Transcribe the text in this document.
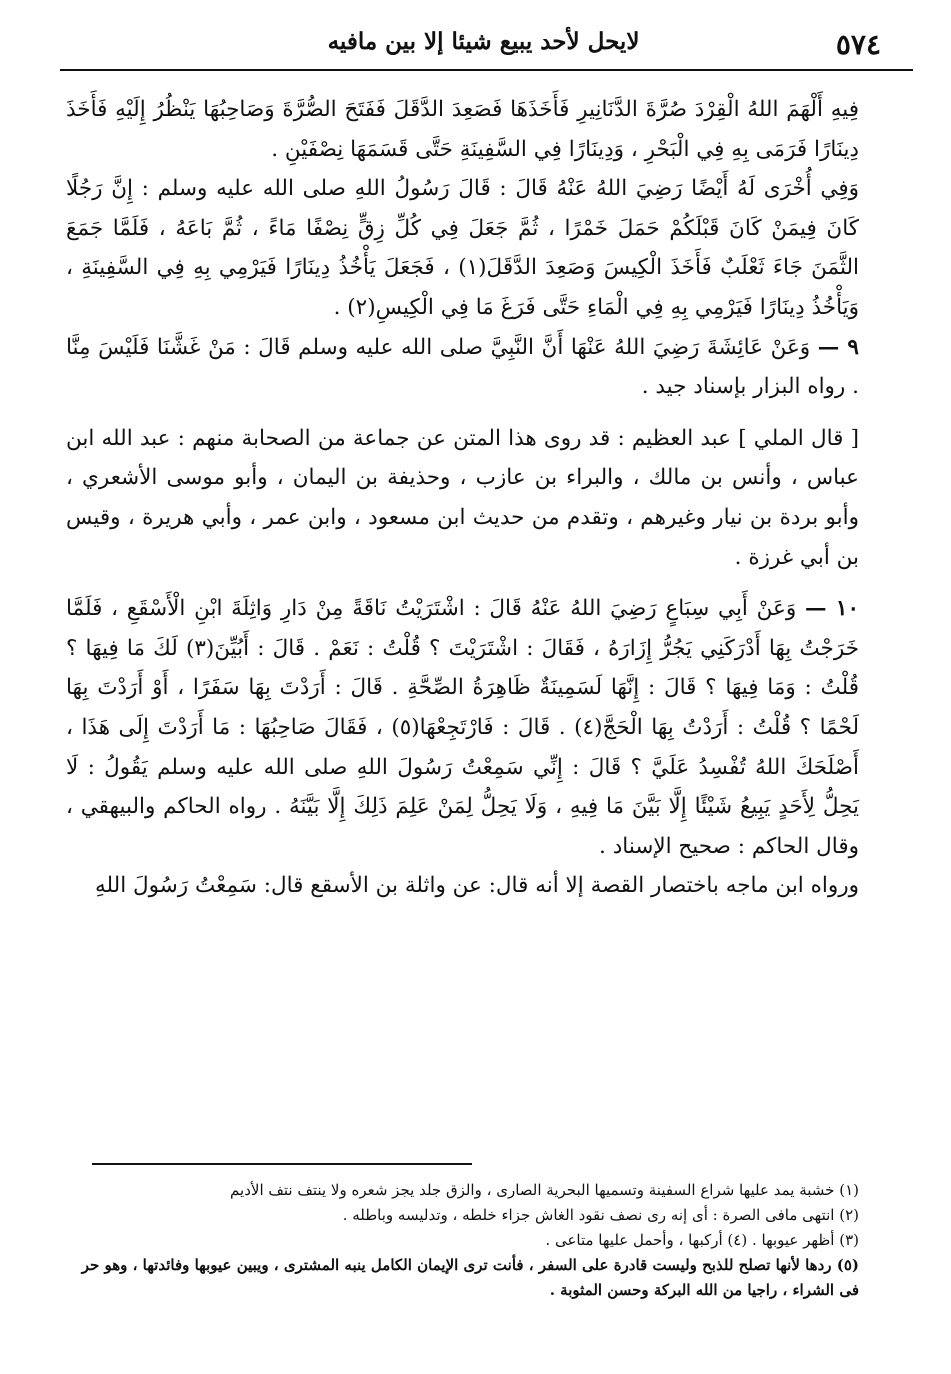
٥٧٤
لايحل لأحد يبيع شيئا إلا بين مافيه

فِيهِ أَلْهَمَ اللهُ الْقِرْدَ صُرَّةَ الدَّنَانِيرِ فَأَخَذَهَا فَصَعِدَ الدَّقَلَ فَفَتَحَ الصُّرَّةَ وَصَاحِبُهَا يَنْظُرُ إِلَيْهِ فَأَخَذَ دِينَارًا فَرَمَى بِهِ فِي الْبَحْرِ ، وَدِينَارًا فِي السَّفِينَةِ حَتَّى قَسَمَهَا نِصْفَيْنِ .

وَفِي أُخْرَى لَهُ أَيْضًا رَضِيَ اللهُ عَنْهُ قَالَ : قَالَ رَسُولُ اللهِ صلى الله عليه وسلم : إِنَّ رَجُلًا كَانَ فِيمَنْ كَانَ قَبْلَكُمْ حَمَلَ خَمْرًا ، ثُمَّ جَعَلَ فِي كُلِّ زِقٍّ نِصْفًا مَاءً ، ثُمَّ بَاعَهُ ، فَلَمَّا جَمَعَ الثَّمَنَ جَاءَ ثَعْلَبٌ فَأَخَذَ الْكِيسَ وَصَعِدَ الدَّقَلَ(١) ، فَجَعَلَ يَأْخُذُ دِينَارًا فَيَرْمِي بِهِ فِي السَّفِينَةِ ، وَيَأْخُذُ دِينَارًا فَيَرْمِي بِهِ فِي الْمَاءِ حَتَّى فَرَغَ مَا فِي الْكِيسِ(٢) .

٩ — وَعَنْ عَائِشَةَ رَضِيَ اللهُ عَنْهَا أَنَّ النَّبِيَّ صلى الله عليه وسلم قَالَ : مَنْ غَشَّنَا فَلَيْسَ مِنَّا . رواه البزار بإسناد جيد .

[ قال الملي ] عبد العظيم : قد روى هذا المتن عن جماعة من الصحابة منهم : عبد الله ابن عباس ، وأنس بن مالك ، والبراء بن عازب ، وحذيفة بن اليمان ، وأبو موسى الأشعري ، وأبو بردة بن نيار وغيرهم ، وتقدم من حديث ابن مسعود ، وابن عمر ، وأبي هريرة ، وقيس بن أبي غرزة .

١٠ — وَعَنْ أَبِي سِبَاعٍ رَضِيَ اللهُ عَنْهُ قَالَ : اشْتَرَيْتُ نَاقَةً مِنْ دَارِ وَاثِلَةَ ابْنِ الْأَسْقَعِ ، فَلَمَّا خَرَجْتُ بِهَا أَدْرَكَنِي يَجُرُّ إِزَارَهُ ، فَقَالَ : اشْتَرَيْتَ ؟ قُلْتُ : نَعَمْ . قَالَ : أَبُيِّنَ(٣) لَكَ مَا فِيهَا ؟ قُلْتُ : وَمَا فِيهَا ؟ قَالَ : إِنَّهَا لَسَمِينَةٌ ظَاهِرَةُ الصِّحَّةِ . قَالَ : أَرَدْتَ بِهَا سَفَرًا ، أَوْ أَرَدْتَ بِهَا لَحْمًا ؟ قُلْتُ : أَرَدْتُ بِهَا الْحَجَّ(٤) . قَالَ : فَارْتَجِعْهَا(٥) ، فَقَالَ صَاحِبُهَا : مَا أَرَدْتَ إِلَى هَذَا ، أَصْلَحَكَ اللهُ تُفْسِدُ عَلَيَّ ؟ قَالَ : إِنِّي سَمِعْتُ رَسُولَ اللهِ صلى الله عليه وسلم يَقُولُ : لَا يَحِلُّ لِأَحَدٍ يَبِيعُ شَيْئًا إِلَّا بَيَّنَ مَا فِيهِ ، وَلَا يَحِلُّ لِمَنْ عَلِمَ ذَلِكَ إِلَّا بَيَّنَهُ . رواه الحاكم والبيهقي ، وقال الحاكم : صحيح الإسناد .

ورواه ابن ماجه باختصار القصة إلا أنه قال: عن واثلة بن الأسقع قال: سَمِعْتُ رَسُولَ اللهِ

(١) خشبة يمد عليها شراع السفينة وتسميها البحرية الصارى ، والزق جلد يجز شعره ولا ينتف نتف الأديم

(٢) انتهى مافى الصرة : أى إنه رى نصف نقود الغاش جزاء خلطه ، وتدليسه وباطله .

(٣) أظهر عيوبها . (٤) أركبها ، وأحمل عليها متاعى .

(٥) ردها لأنها تصلح للذبح وليست قادرة على السفر ، فأنت ترى الإيمان الكامل ينبه المشترى ، ويبين عيوبها وفائدتها ، وهو حر فى الشراء ، راجيا من الله البركة وحسن المثوبة .
